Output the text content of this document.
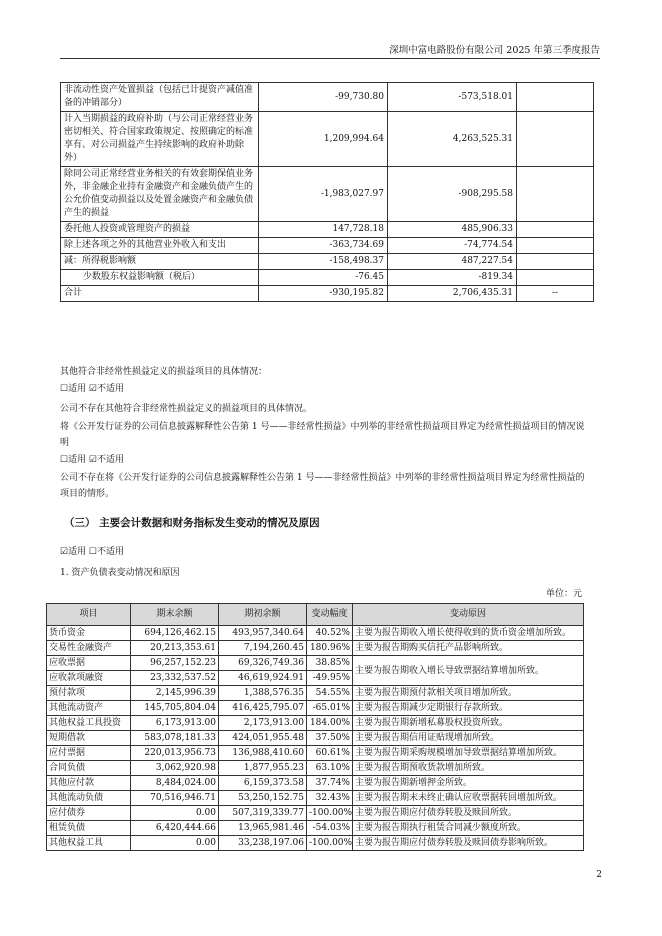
深圳中富电路股份有限公司 2025 年第三季度报告
非流动性资产处置损益（包括已计提资产减值准备的冲销部分）	-99,730.80	-573,518.01	
计入当期损益的政府补助（与公司正常经营业务密切相关、符合国家政策规定、按照确定的标准享有、对公司损益产生持续影响的政府补助除外）	1,209,994.64	4,263,525.31	
除同公司正常经营业务相关的有效套期保值业务外，非金融企业持有金融资产和金融负债产生的公允价值变动损益以及处置金融资产和金融负债产生的损益	-1,983,027.97	-908,295.58	
委托他人投资或管理资产的损益	147,728.18	485,906.33	
除上述各项之外的其他营业外收入和支出	-363,734.69	-74,774.54	
减：所得税影响额	-158,498.37	487,227.54	
少数股东权益影响额（税后）	-76.45	-819.34	
合计	-930,195.82	2,706,435.31	--
其他符合非经常性损益定义的损益项目的具体情况：
☐适用 ☑不适用
公司不存在其他符合非经常性损益定义的损益项目的具体情况。
将《公开发行证券的公司信息披露解释性公告第 1 号——非经常性损益》中列举的非经常性损益项目界定为经常性损益项目的情况说明
☐适用 ☑不适用
公司不存在将《公开发行证券的公司信息披露解释性公告第 1 号——非经常性损益》中列举的非经常性损益项目界定为经常性损益的项目的情形。
（三） 主要会计数据和财务指标发生变动的情况及原因
☑适用 ☐不适用
1. 资产负债表变动情况和原因
单位：元
项目	期末余额	期初余额	变动幅度	变动原因
货币资金	694,126,462.15	493,957,340.64	40.52%	主要为报告期收入增长使得收到的货币资金增加所致。
交易性金融资产	20,213,353.61	7,194,260.45	180.96%	主要为报告期购买信托产品影响所致。
应收票据	96,257,152.23	69,326,749.36	38.85%	主要为报告期收入增长导致票据结算增加所致。
应收款项融资	23,332,537.52	46,619,924.91	-49.95%	
预付款项	2,145,996.39	1,388,576.35	54.55%	主要为报告期预付款相关项目增加所致。
其他流动资产	145,705,804.04	416,425,795.07	-65.01%	主要为报告期减少定期银行存款所致。
其他权益工具投资	6,173,913.00	2,173,913.00	184.00%	主要为报告期新增私募股权投资所致。
短期借款	583,078,181.33	424,051,955.48	37.50%	主要为报告期信用证贴现增加所致。
应付票据	220,013,956.73	136,988,410.60	60.61%	主要为报告期采购规模增加导致票据结算增加所致。
合同负债	3,062,920.98	1,877,955.23	63.10%	主要为报告期预收货款增加所致。
其他应付款	8,484,024.00	6,159,373.58	37.74%	主要为报告期新增押金所致。
其他流动负债	70,516,946.71	53,250,152.75	32.43%	主要为报告期末未终止确认应收票据转回增加所致。
应付债券	0.00	507,319,339.77	-100.00%	主要为报告期应付债券转股及赎回所致。
租赁负债	6,420,444.66	13,965,981.46	-54.03%	主要为报告期执行租赁合同减少额度所致。
其他权益工具	0.00	33,238,197.06	-100.00%	主要为报告期应付债券转股及赎回债券影响所致。
2
